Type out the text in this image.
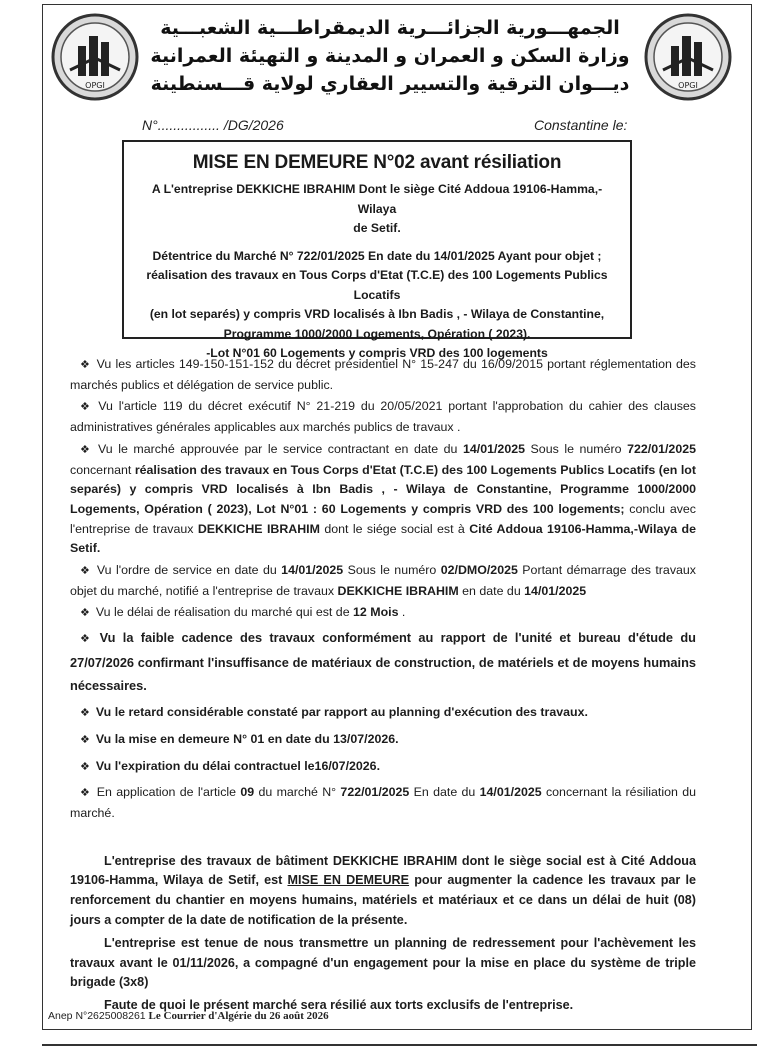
OPGI	OPGI
الجمهـــورية الجزائـــرية الديمقراطـــية الشعبـــية
وزارة السكن و العمران و المدينة و التهيئة العمرانية
ديـــوان الترقية والتسيير العقاري لولاية قـــسنطينة
N°................ /DG/2026	Constantine le:
MISE EN DEMEURE N°02 avant résiliation

A L'entreprise DEKKICHE IBRAHIM Dont le siège Cité Addoua 19106-Hamma,-Wilaya

de Setif.

Détentrice du Marché N° 722/01/2025 En date du 14/01/2025 Ayant pour objet ;

réalisation des travaux en Tous Corps d'Etat (T.C.E) des 100 Logements Publics Locatifs

(en lot separés) y compris VRD localisés à Ibn Badis , - Wilaya de Constantine,

Programme 1000/2000 Logements, Opération ( 2023).

-Lot N°01 60 Logements y compris VRD des 100 logements

❖ Vu les articles 149-150-151-152 du décret présidentiel N° 15-247 du 16/09/2015 portant réglementation des marchés publics et délégation de service public.

❖ Vu l'article 119 du décret exécutif N° 21-219 du 20/05/2021 portant l'approbation du cahier des clauses administratives générales applicables aux marchés publics de travaux .

❖ Vu le marché approuvée par le service contractant en date du 14/01/2025 Sous le numéro 722/01/2025 concernant réalisation des travaux en Tous Corps d'Etat (T.C.E) des 100 Logements Publics Locatifs (en lot separés) y compris VRD localisés à Ibn Badis , - Wilaya de Constantine, Programme 1000/2000 Logements, Opération ( 2023), Lot N°01 : 60 Logements y compris VRD des 100 logements; conclu avec l'entreprise de travaux DEKKICHE IBRAHIM dont le siége social est à Cité Addoua 19106-Hamma,-Wilaya de Setif.

❖ Vu l'ordre de service en date du 14/01/2025 Sous le numéro 02/DMO/2025 Portant démarrage des travaux objet du marché, notifié a l'entreprise de travaux DEKKICHE IBRAHIM en date du 14/01/2025

❖ Vu le délai de réalisation du marché qui est de 12 Mois .

❖ Vu la faible cadence des travaux conformément au rapport de l'unité et bureau d'étude du 27/07/2026 confirmant l'insuffisance de matériaux de construction, de matériels et de moyens humains nécessaires.

❖ Vu le retard considérable constaté par rapport au planning d'exécution des travaux.

❖ Vu la mise en demeure N° 01 en date du 13/07/2026.

❖ Vu l'expiration du délai contractuel le16/07/2026.

❖ En application de l'article 09 du marché N° 722/01/2025 En date du 14/01/2025 concernant la résiliation du marché.

L'entreprise des travaux de bâtiment DEKKICHE IBRAHIM dont le siège social est à Cité Addoua 19106-Hamma, Wilaya de Setif, est MISE EN DEMEURE pour augmenter la cadence les travaux par le renforcement du chantier en moyens humains, matériels et matériaux et ce dans un délai de huit (08) jours a compter de la date de notification de la présente.

L'entreprise est tenue de nous transmettre un planning de redressement pour l'achèvement les travaux avant le 01/11/2026, a compagné d'un engagement pour la mise en place du système de triple brigade (3x8)

Faute de quoi le présent marché sera résilié aux torts exclusifs de l'entreprise.

Anep N°2625008261 Le Courrier d'Algérie du 26 août 2026
